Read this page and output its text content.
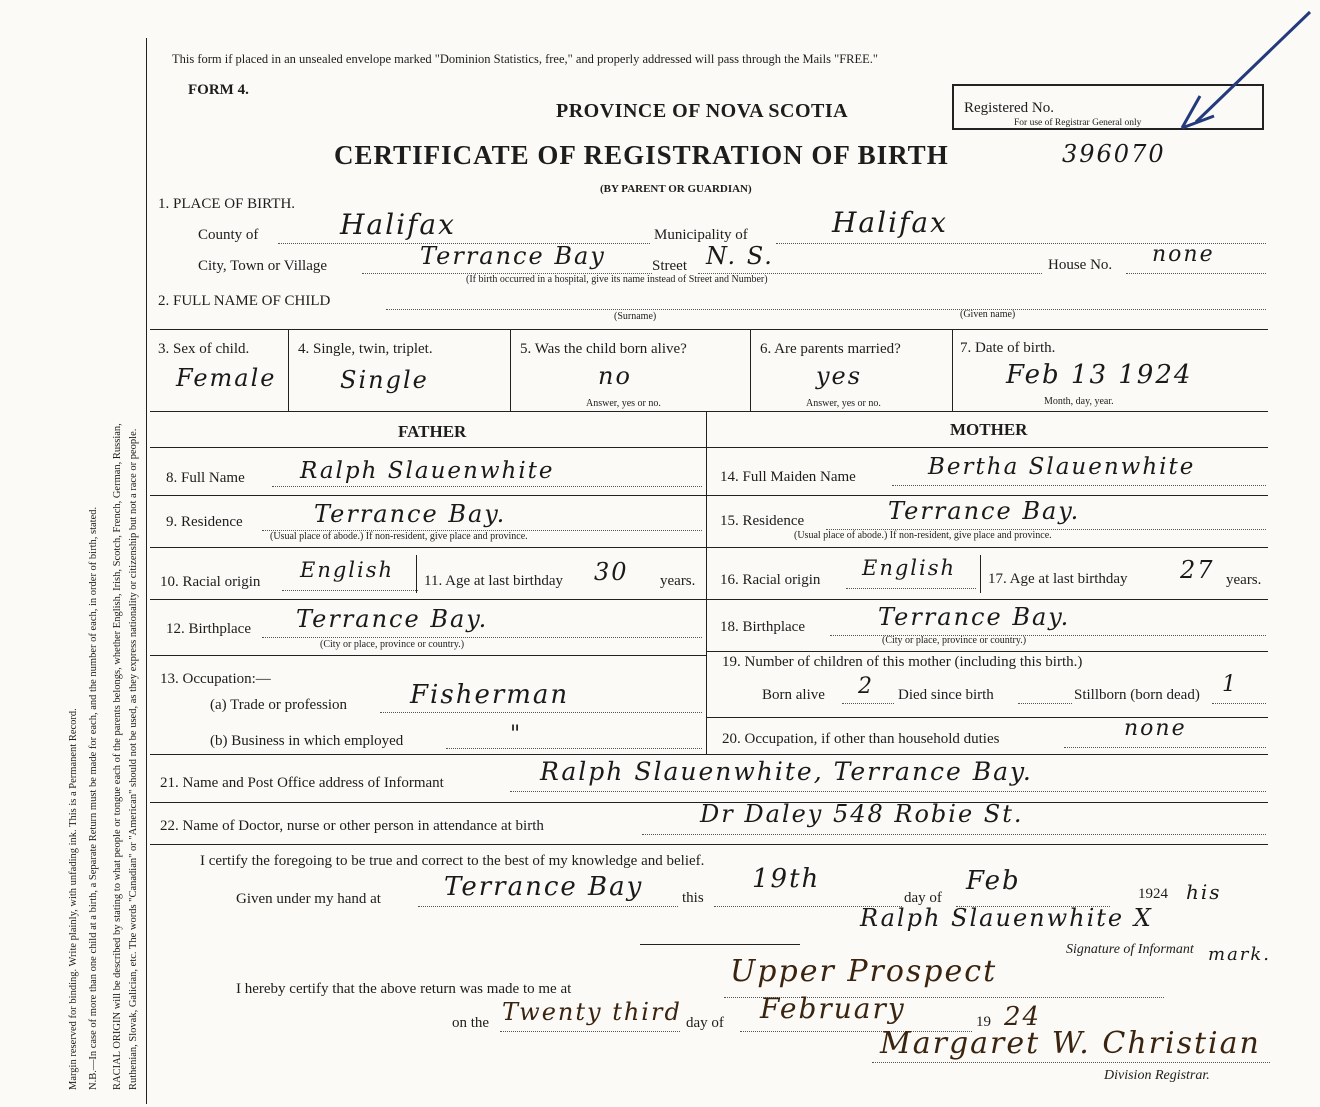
Margin reserved for binding. Write plainly, with unfading ink. This is a Permanent Record. N.B.—In case of more than one child at a birth, a Separate Return must be made for each, and the number of each, in order of birth, stated. RACIAL ORIGIN will be described by stating to what people or tongue each of the parents belongs, whether English, Irish, Scotch, French, German, Russian, Ruthenian, Slovak, Galician, etc. The words "Canadian" or "American" should not be used, as they express nationality or citizenship but not a race or people.
This form if placed in an unsealed envelope marked "Dominion Statistics, free," and properly addressed will pass through the Mails "FREE."
FORM 4.
PROVINCE OF NOVA SCOTIA
CERTIFICATE OF REGISTRATION OF BIRTH
(BY PARENT OR GUARDIAN)
Registered No.
For use of Registrar General only
396070
1. PLACE OF BIRTH.
County of	Halifax	Municipality of	Halifax
City, Town or Village	Terrance Bay	Street N. S.	House No. none
(If birth occurred in a hospital, give its name instead of Street and Number)
2. FULL NAME OF CHILD
(Surname)	(Given name)
3. Sex of child.
Female
4. Single, twin, triplet.
Single
5. Was the child born alive?
no
Answer, yes or no.
6. Are parents married?
yes
Answer, yes or no.
7. Date of birth.
Feb 13 1924
Month, day, year.
FATHER	MOTHER
8. Full Name Ralph Slauenwhite
9. Residence	Terrance Bay.
(Usual place of abode.) If non-resident, give place and province.
10. Racial origin English 11. Age at last birthday 30 years.
12. Birthplace Terrance Bay.
(City or place, province or country.)
13. Occupation:—
(a) Trade or profession Fisherman
(b) Business in which employed	"
14. Full Maiden Name	Bertha Slauenwhite
15. Residence	Terrance Bay.
(Usual place of abode.) If non-resident, give place and province.
16. Racial origin English 17. Age at last birthday 27 years.
18. Birthplace	Terrance Bay.
(City or place, province or country.)
19. Number of children of this mother (including this birth.)
Born alive 2 Died since birth	Stillborn (born dead) 1
20. Occupation, if other than household duties	none
21. Name and Post Office address of Informant	Ralph Slauenwhite, Terrance Bay.
22. Name of Doctor, nurse or other person in attendance at birth	Dr Daley 548 Robie St.
I certify the foregoing to be true and correct to the best of my knowledge and belief.
Given under my hand at Terrance Bay	this
19th
day of
Feb	1924 his
Ralph Slauenwhite X
mark.
Signature of Informant
I hereby certify that the above return was made to me at	Upper Prospect
on the Twenty third day of February	19 24
Margaret W. Christian
Division Registrar.
